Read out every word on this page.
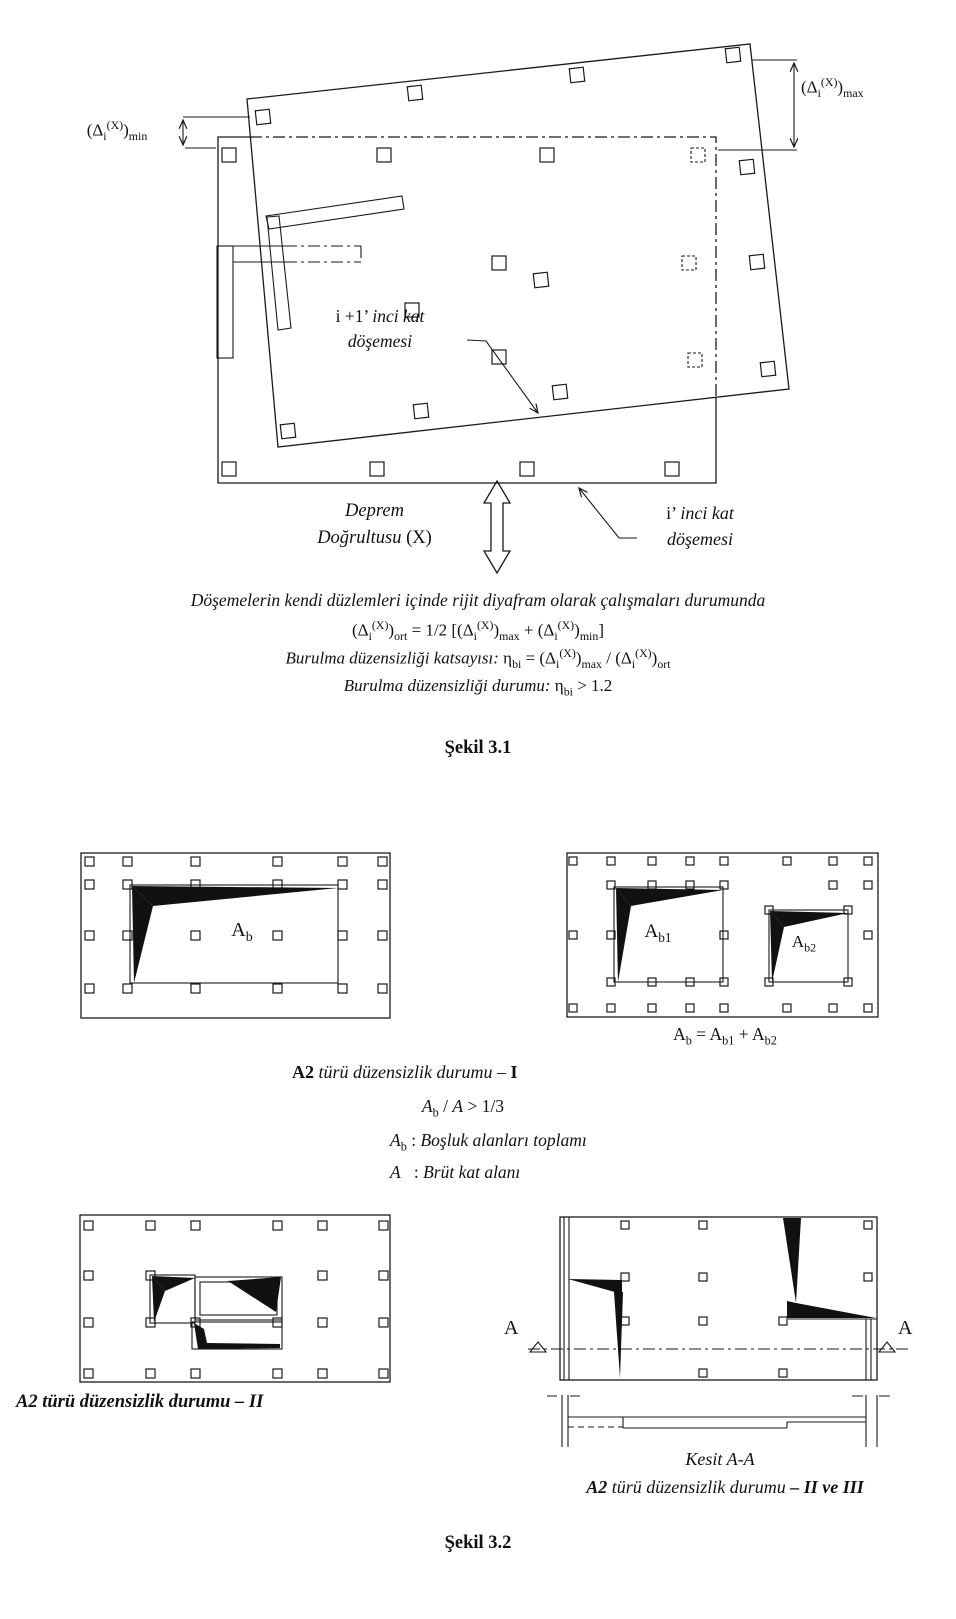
$(\Delta_i^{(X)})_{min}$
$(\Delta_i^{(X)})_{max}$
i +1’ inci kat
döşemesi
Deprem
Doğrultusu (X)
i’ inci kat
döşemesi
Döşemelerin kendi düzlemleri içinde rijit diyafram olarak çalışmaları durumunda
$(\Delta_i^{(X)})_{ort} = 1/2$ $[(\Delta_i^{(X)})_{max} + (\Delta_i^{(X)})_{min}]$
Burulma düzensizliği katsayısı: $\eta_{bi} = (\Delta_i^{(X)})_{max} / (\Delta_i^{(X)})_{ort}$
Burulma düzensizliği durumu: $\eta_{bi} > 1.2$
Şekil 3.1
$A_b$	$A_{b1}$	$A_{b2}$
$A_b = A_{b1} + A_{b2}$
A2 türü düzensizlik durumu – I
$A_b / A > 1/3$
$A_b$ : Boşluk alanları toplamı
A   : Brüt kat alanı
A2 türü düzensizlik durumu – II
A	A
Kesit A-A
A2 türü düzensizlik durumu – II ve III
Şekil 3.2
